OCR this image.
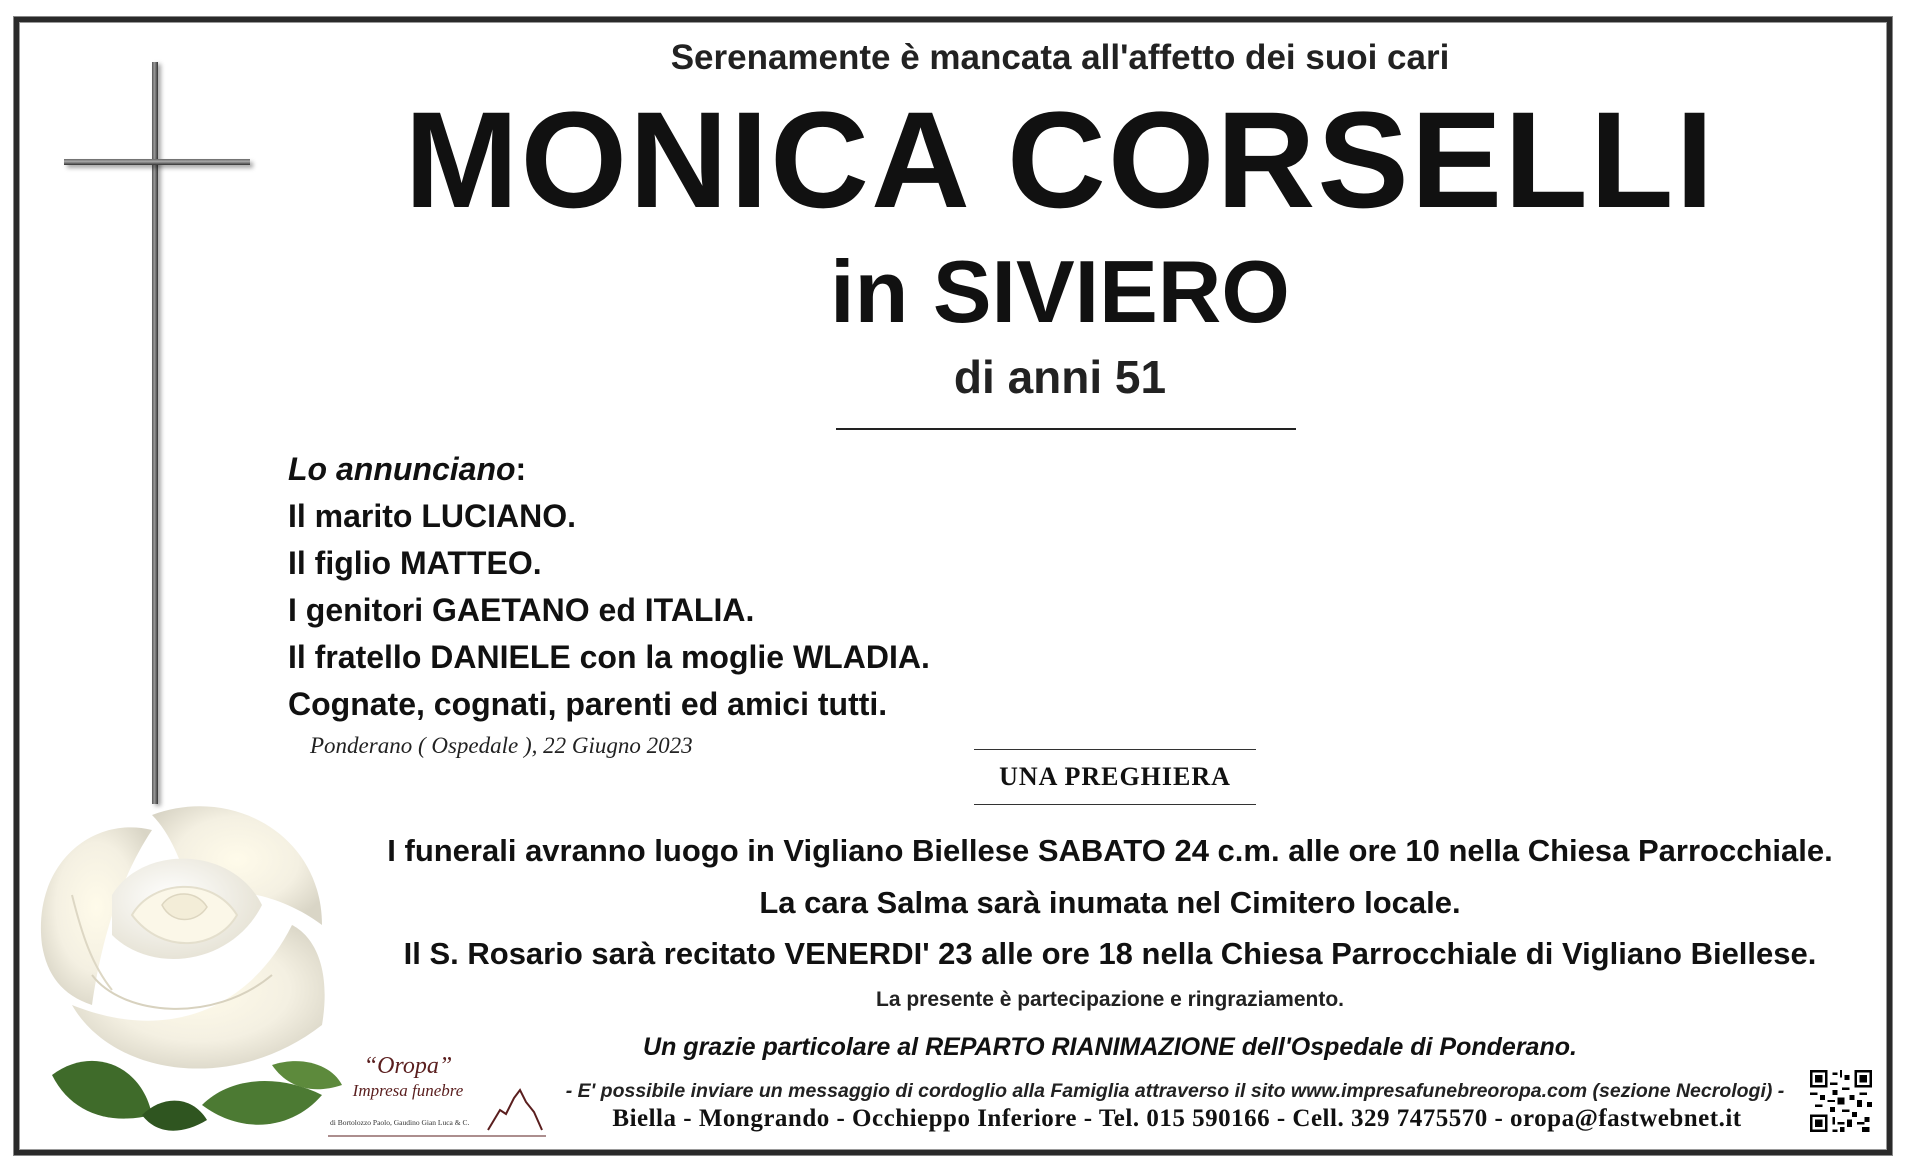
Serenamente è mancata all'affetto dei suoi cari
MONICA CORSELLI
in SIVIERO
di anni 51
Lo annunciano:
Il marito LUCIANO.
Il figlio MATTEO.
I genitori GAETANO ed ITALIA.
Il fratello DANIELE con la moglie WLADIA.
Cognate, cognati, parenti ed amici tutti.
Ponderano ( Ospedale ), 22 Giugno 2023
UNA PREGHIERA
I funerali avranno luogo in Vigliano Biellese SABATO 24 c.m. alle ore 10 nella Chiesa Parrocchiale.
La cara Salma sarà inumata nel Cimitero locale.
Il S. Rosario sarà recitato VENERDI' 23 alle ore 18 nella Chiesa Parrocchiale di Vigliano Biellese.
La presente è partecipazione e ringraziamento.
Un grazie particolare al REPARTO RIANIMAZIONE dell'Ospedale di Ponderano.
- E' possibile inviare un messaggio di cordoglio alla Famiglia attraverso il sito www.impresafunebreoropa.com (sezione Necrologi) -
Biella - Mongrando - Occhieppo Inferiore - Tel. 015 590166 - Cell. 329 7475570 - oropa@fastwebnet.it
“Oropa”
Impresa funebre
di Bortolozzo Paolo, Gaudino Gian Luca & C.
